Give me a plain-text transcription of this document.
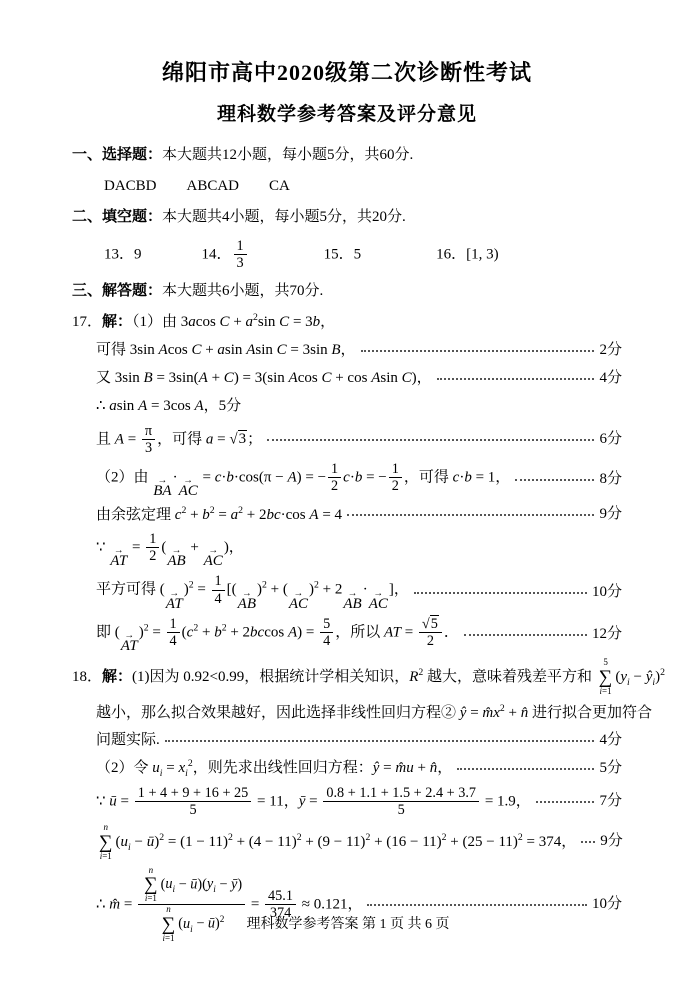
绵阳市高中2020级第二次诊断性考试
理科数学参考答案及评分意见
一、选择题：本大题共12小题，每小题5分，共60分.
DACBD  ABCAD  CA
二、填空题：本大题共4小题，每小题5分，共20分.
13．9    14． $\frac{1}{3}$      15．5     16．[1, 3)
三、解答题：本大题共6小题，共70分.
17．解：（1）由 3acos $C + a^2\sin$ C = 3b，
可得 3sin Acos C + asin Asin C = 3sin B，	2分
又 3sin B = 3sin(A + C) = 3(sin Acos C + cos Asin C)，	4分
∴ asin A = 3cos A，5分
且 $A = \frac{\pi}{3}$ ，可得 a = √3；	6分
（2）由 →
BA
· →
AC
= c·b·cos(π − A) = − $\frac{1}{2} c\cdot b$ = − $\frac{1}{2}$ ，可得 c·b = 1，	8分
由余弦定理 $c^2 + b^2 = a^2 + 2bc\cdot\cos$ A = 4	9分
∵ →
AT
= $\frac{1}{2}$ ( →
AB
+ →
AC
)，
平方可得 ( →
AT
)$^2 = \frac{1}{4}$ [( →
AB
)$^2$ + ( →
AC
)$^2$ + 2 →
AB
· →
AC
]，	10分
即 ( →
AT
)$^2 = \frac{1}{4} (c^2 + b^2 + 2bccos$ $A) = \frac{5}{4}$ ，所以 AT = $\frac{√5}{2}$ ．	12分
18．解：(1)因为 0.92<0.99，根据统计学相关知识，$R^2$ 越大，意味着残差平方和
5
∑
i=1
($y_i$ − $ŷ_i)^2$
越小，那么拟合效果越好，因此选择非线性回归方程② ŷ = $m̂x^2$ + n̂ 进行拟合更加符合
问题实际.	4分
（2）令 $u_i = x_i^2$，则先求出线性回归方程：ŷ = m̂u + n̂，	5分
∵ ū = $\frac{1 + 4 + 9 + 16 + 25}{5} = 11$，ȳ = $\frac{0.8 + 1.1 + 1.5 + 2.4 + 3.7}{5} = 1.9$，	7分
n
∑
i=1
($u_i$ − ū)$^2$ = $(1 - 11)^2 + (4 - 11)^2 + (9 - 11)^2 + (16 - 11)^2 + (25 - 11)^2 = 374$， 9分
∴ m̂ = n
∑
i=1
($u_i$ − $ū)(y_i$ − ȳ)
n
∑
i=1
($u_i$ − ū)$^2$ = $\frac{45.1}{374} \approx 0.121$，	10分
理科数学参考答案 第 1 页 共 6 页
